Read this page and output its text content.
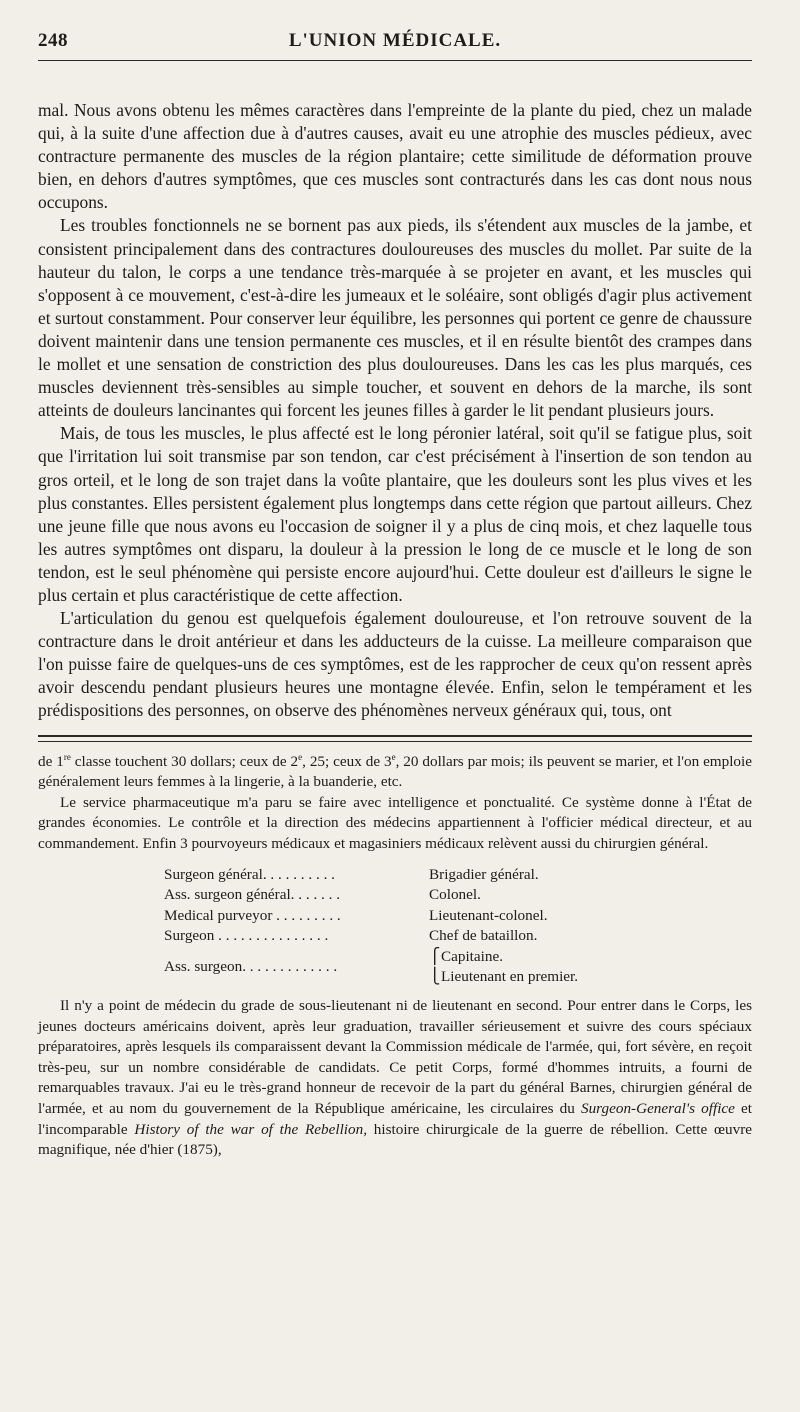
248	L'UNION MÉDICALE.

mal. Nous avons obtenu les mêmes caractères dans l'empreinte de la plante du pied, chez un malade qui, à la suite d'une affection due à d'autres causes, avait eu une atrophie des muscles pédieux, avec contracture permanente des muscles de la région plantaire; cette similitude de déformation prouve bien, en dehors d'autres symptômes, que ces muscles sont contracturés dans les cas dont nous nous occupons.

Les troubles fonctionnels ne se bornent pas aux pieds, ils s'étendent aux muscles de la jambe, et consistent principalement dans des contractures douloureuses des muscles du mollet. Par suite de la hauteur du talon, le corps a une tendance très-marquée à se projeter en avant, et les muscles qui s'opposent à ce mouvement, c'est-à-dire les jumeaux et le soléaire, sont obligés d'agir plus activement et surtout constamment. Pour conserver leur équilibre, les personnes qui portent ce genre de chaussure doivent maintenir dans une tension permanente ces muscles, et il en résulte bientôt des crampes dans le mollet et une sensation de constriction des plus douloureuses. Dans les cas les plus marqués, ces muscles deviennent très-sensibles au simple toucher, et souvent en dehors de la marche, ils sont atteints de douleurs lancinantes qui forcent les jeunes filles à garder le lit pendant plusieurs jours.

Mais, de tous les muscles, le plus affecté est le long péronier latéral, soit qu'il se fatigue plus, soit que l'irritation lui soit transmise par son tendon, car c'est précisément à l'insertion de son tendon au gros orteil, et le long de son trajet dans la voûte plantaire, que les douleurs sont les plus vives et les plus constantes. Elles persistent également plus longtemps dans cette région que partout ailleurs. Chez une jeune fille que nous avons eu l'occasion de soigner il y a plus de cinq mois, et chez laquelle tous les autres symptômes ont disparu, la douleur à la pression le long de ce muscle et le long de son tendon, est le seul phénomène qui persiste encore aujourd'hui. Cette douleur est d'ailleurs le signe le plus certain et plus caractéristique de cette affection.

L'articulation du genou est quelquefois également douloureuse, et l'on retrouve souvent de la contracture dans le droit antérieur et dans les adducteurs de la cuisse. La meilleure comparaison que l'on puisse faire de quelques-uns de ces symptômes, est de les rapprocher de ceux qu'on ressent après avoir descendu pendant plusieurs heures une montagne élevée. Enfin, selon le tempérament et les prédispositions des personnes, on observe des phénomènes nerveux généraux qui, tous, ont

de 1re classe touchent 30 dollars; ceux de 2e, 25; ceux de 3e, 20 dollars par mois; ils peuvent se marier, et l'on emploie généralement leurs femmes à la lingerie, à la buanderie, etc.

Le service pharmaceutique m'a paru se faire avec intelligence et ponctualité. Ce système donne à l'État de grandes économies. Le contrôle et la direction des médecins appartiennent à l'officier médical directeur, et au commandement. Enfin 3 pourvoyeurs médicaux et magasiniers médicaux relèvent aussi du chirurgien général.

Surgeon général. . . . . . . . . .	Brigadier général.
Ass. surgeon général. . . . . . .	Colonel.
Medical purveyor . . . . . . . . .	Lieutenant-colonel.
Surgeon . . . . . . . . . . . . . . .	Chef de bataillon.
Ass. surgeon. . . . . . . . . . . . .	⎧Capitaine.
⎩Lieutenant en premier.

Il n'y a point de médecin du grade de sous-lieutenant ni de lieutenant en second. Pour entrer dans le Corps, les jeunes docteurs américains doivent, après leur graduation, travailler sérieusement et suivre des cours spéciaux préparatoires, après lesquels ils comparaissent devant la Commission médicale de l'armée, qui, fort sévère, en reçoit très-peu, sur un nombre considérable de candidats. Ce petit Corps, formé d'hommes intruits, a fourni de remarquables travaux. J'ai eu le très-grand honneur de recevoir de la part du général Barnes, chirurgien général de l'armée, et au nom du gouvernement de la République américaine, les circulaires du Surgeon-General's office et l'incomparable History of the war of the Rebellion, histoire chirurgicale de la guerre de rébellion. Cette œuvre magnifique, née d'hier (1875),
